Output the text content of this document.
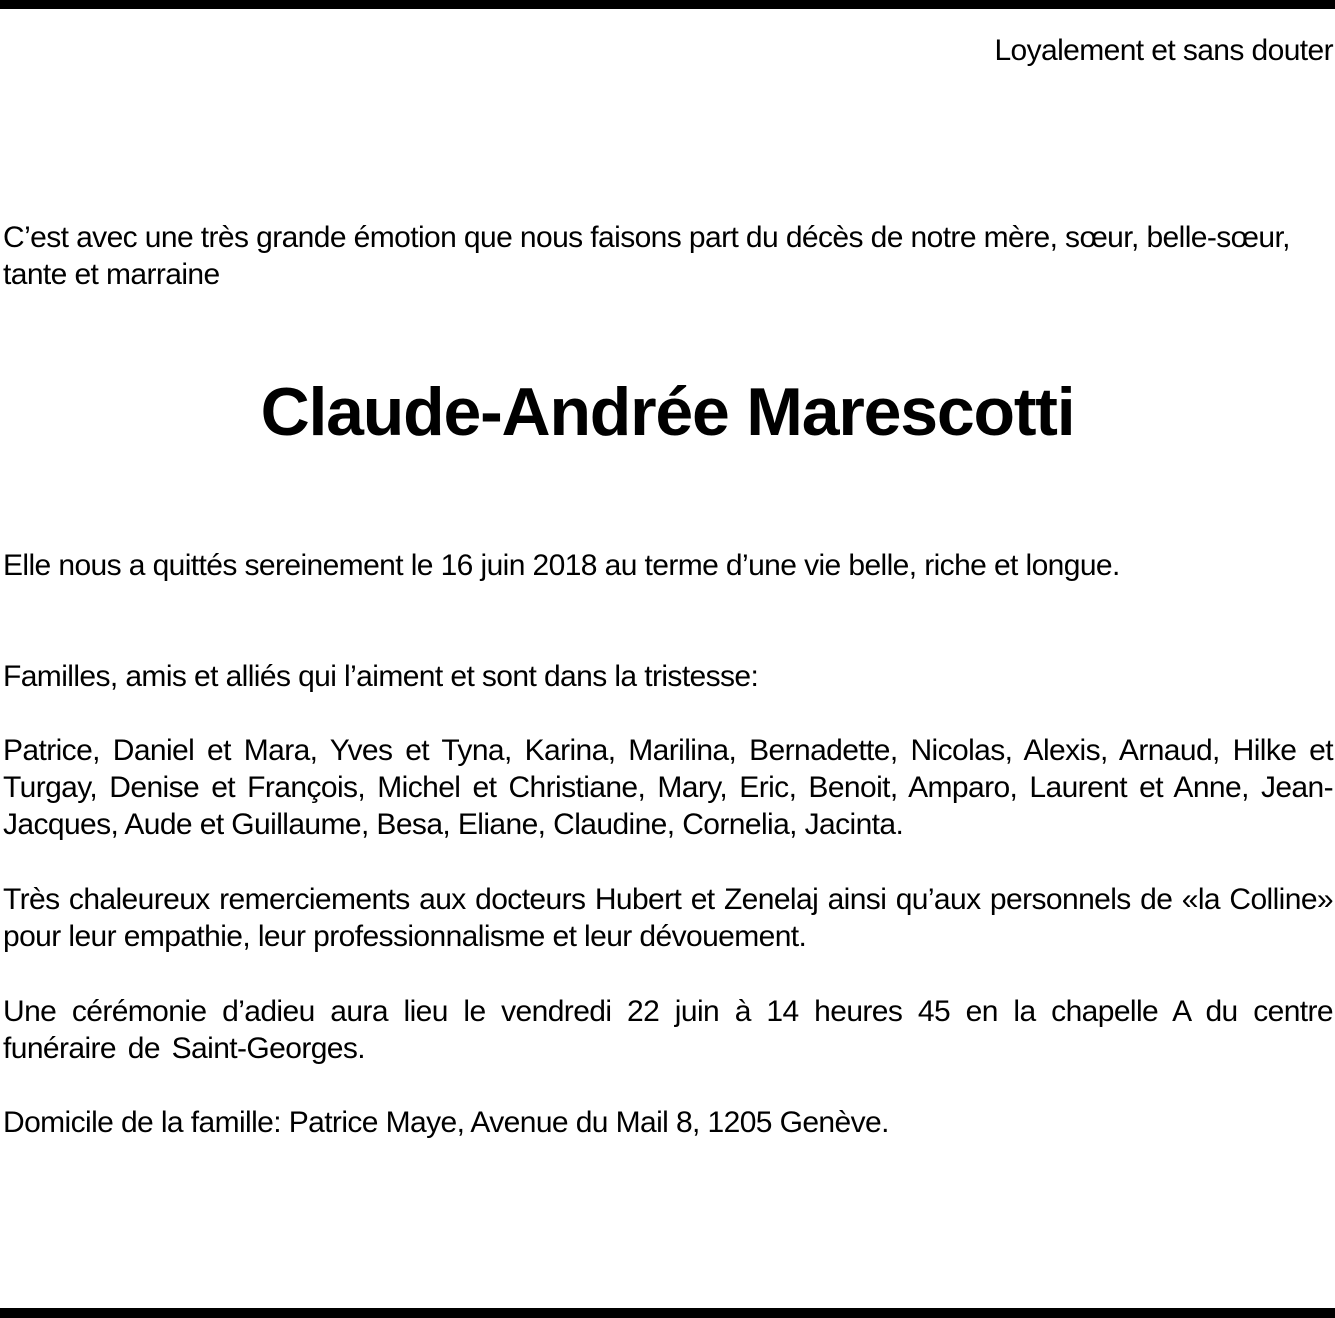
Loyalement et sans douter

C’est avec une très grande émotion que nous faisons part du décès de notre mère, sœur, belle-sœur, tante et marraine

Claude-Andrée Marescotti

Elle nous a quittés sereinement le 16 juin 2018 au terme d’une vie belle, riche et longue.

Familles, amis et alliés qui l’aiment et sont dans la tristesse:

Patrice, Daniel et Mara, Yves et Tyna, Karina, Marilina, Bernadette, Nicolas, Alexis, Arnaud, Hilke et Turgay, Denise et François, Michel et Christiane, Mary, Eric, Benoit, Amparo, Laurent et Anne, Jean-Jacques, Aude et Guillaume, Besa, Eliane, Claudine, Cornelia, Jacinta.

Très chaleureux remerciements aux docteurs Hubert et Zenelaj ainsi qu’aux personnels de «la Colline» pour leur empathie, leur professionnalisme et leur dévouement.

Une cérémonie d’adieu aura lieu le vendredi 22 juin à 14 heures 45 en la chapelle A du centre funéraire de Saint-Georges.

Domicile de la famille: Patrice Maye, Avenue du Mail 8, 1205 Genève.
